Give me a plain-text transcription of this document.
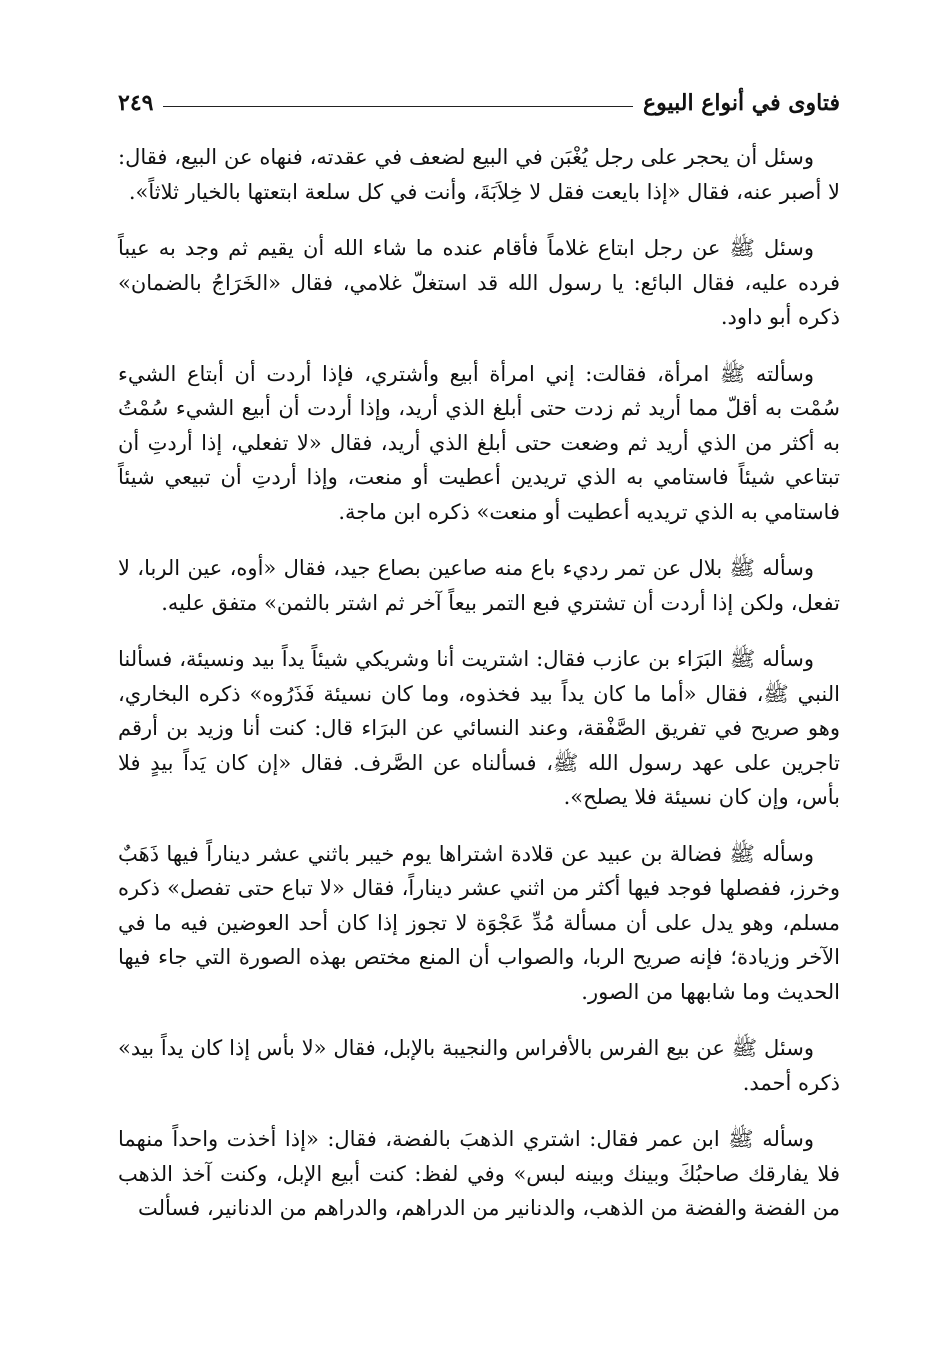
فتاوى في أنواع البيوع
٢٤٩

وسئل أن يحجر على رجل يُغْبَن في البيع لضعف في عقدته، فنهاه عن البيع، فقال: لا أصبر عنه، فقال «إذا بايعت فقل لا خِلاَبَةَ، وأنت في كل سلعة ابتعتها بالخيار ثلاثاً».

وسئل ﷺ عن رجل ابتاع غلاماً فأقام عنده ما شاء الله أن يقيم ثم وجد به عيباً فرده عليه، فقال البائع: يا رسول الله قد استغلّ غلامي، فقال «الخَرَاجُ بالضمان» ذكره أبو داود.

وسألته ﷺ امرأة، فقالت: إني امرأة أبيع وأشتري، فإذا أردت أن أبتاع الشيء سُمْت به أقلّ مما أريد ثم زدت حتى أبلغ الذي أريد، وإذا أردت أن أبيع الشيء سُمْتُ به أكثر من الذي أريد ثم وضعت حتى أبلغ الذي أريد، فقال «لا تفعلي، إذا أردتِ أن تبتاعي شيئاً فاستامي به الذي تريدين أعطيت أو منعت، وإذا أردتِ أن تبيعي شيئاً فاستامي به الذي تريديه أعطيت أو منعت» ذكره ابن ماجة.

وسأله ﷺ بلال عن تمر رديء باع منه صاعين بصاع جيد، فقال «أوه، عين الربا، لا تفعل، ولكن إذا أردت أن تشتري فبع التمر بيعاً آخر ثم اشتر بالثمن» متفق عليه.

وسأله ﷺ البَرَاء بن عازب فقال: اشتريت أنا وشريكي شيئاً يداً بيد ونسيئة، فسألنا النبي ﷺ، فقال «أما ما كان يداً بيد فخذوه، وما كان نسيئة فَذَرُوه» ذكره البخاري، وهو صريح في تفريق الصَّفْقة، وعند النسائي عن البرَاء قال: كنت أنا وزيد بن أرقم تاجرين على عهد رسول الله ﷺ، فسألناه عن الصَّرف. فقال «إن كان يَداً بيدٍ فلا بأس، وإن كان نسيئة فلا يصلح».

وسأله ﷺ فضالة بن عبيد عن قلادة اشتراها يوم خيبر باثني عشر ديناراً فيها ذَهَبٌ وخرز، ففصلها فوجد فيها أكثر من اثني عشر ديناراً، فقال «لا تباع حتى تفصل» ذكره مسلم، وهو يدل على أن مسألة مُدِّ عَجْوَة لا تجوز إذا كان أحد العوضين فيه ما في الآخر وزيادة؛ فإنه صريح الربا، والصواب أن المنع مختص بهذه الصورة التي جاء فيها الحديث وما شابهها من الصور.

وسئل ﷺ عن بيع الفرس بالأفراس والنجيبة بالإبل، فقال «لا بأس إذا كان يداً بيد» ذكره أحمد.

وسأله ﷺ ابن عمر فقال: اشتري الذهبَ بالفضة، فقال: «إذا أخذت واحداً منهما فلا يفارقك صاحبُكَ وبينك وبينه لبس» وفي لفظ: كنت أبيع الإبل، وكنت آخذ الذهب من الفضة والفضة من الذهب، والدنانير من الدراهم، والدراهم من الدنانير، فسألت
